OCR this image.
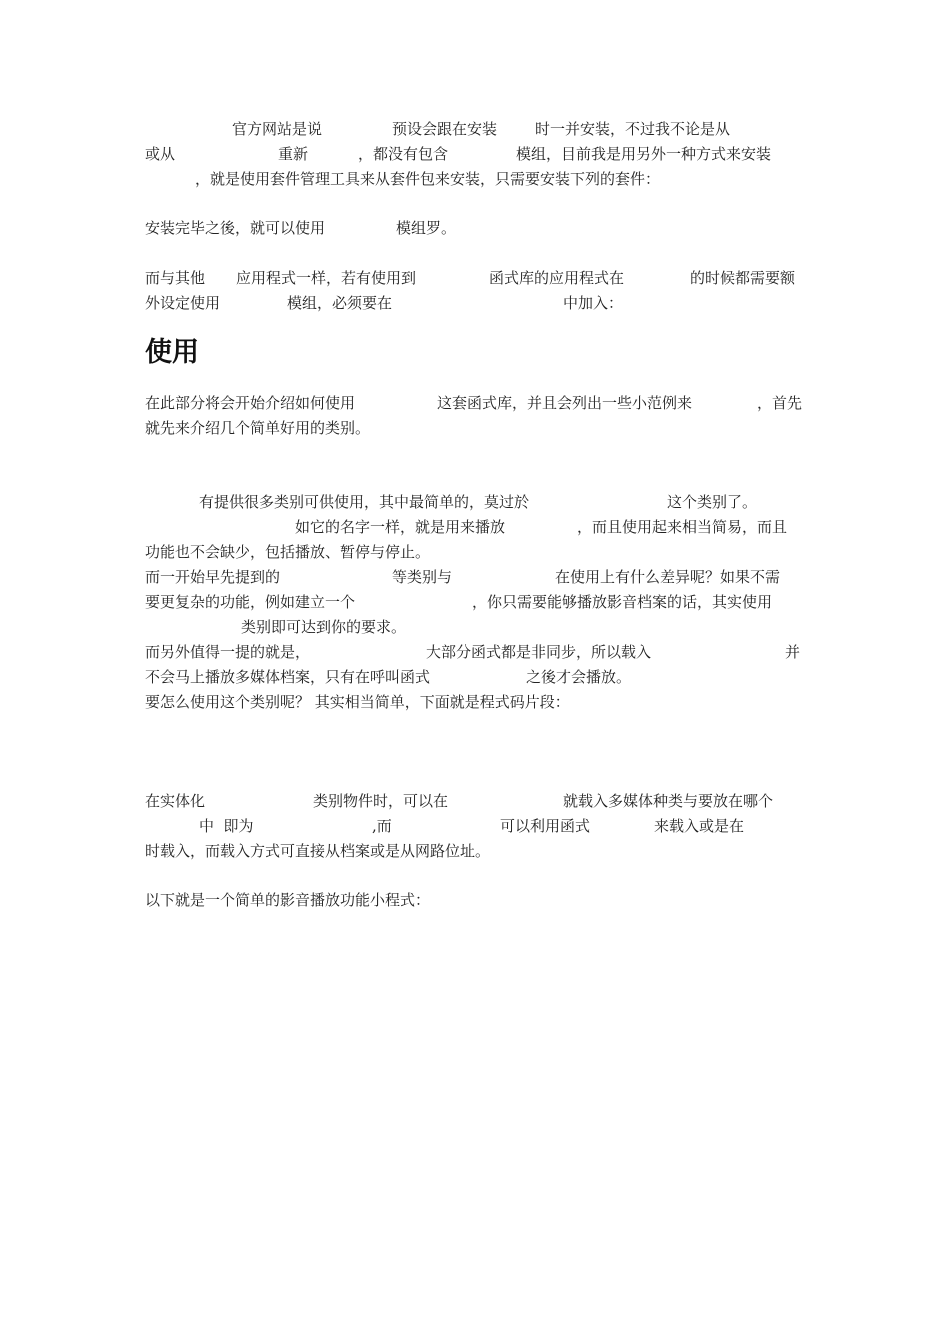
官方网站是说	预设会跟在安装	时一并安装，不过我不论是从

或从	重新	，都没有包含	模组，目前我是用另外一种方式来安装

，就是使用套件管理工具来从套件包来安装，只需要安装下列的套件：

安装完毕之後，就可以使用	模组罗。

而与其他 应用程式一样，若有使用到	函式库的应用程式在	的时候都需要额

外设定使用	模组，必须要在	中加入：

使用

在此部分将会开始介绍如何使用	这套函式库，并且会列出一些小范例来	，首先

就先来介绍几个简单好用的类别。

有提供很多类别可供使用，其中最简单的，莫过於	这个类别了。

如它的名字一样，就是用来播放	，而且使用起来相当简易，而且

功能也不会缺少，包括播放、暂停与停止。

而一开始早先提到的	等类别与	在使用上有什么差异呢？如果不需

要更复杂的功能，例如建立一个	，你只需要能够播放影音档案的话，其实使用

类别即可达到你的要求。

而另外值得一提的就是，	大部分函式都是非同步，所以载入	并

不会马上播放多媒体档案，只有在呼叫函式	之後才会播放。

要怎么使用这个类别呢？ 其实相当简单，下面就是程式码片段：

在实体化	类别物件时，可以在	就载入多媒体种类与要放在哪个

中  即为	,而	可以利用函式	来载入或是在

时载入，而载入方式可直接从档案或是从网路位址。

以下就是一个简单的影音播放功能小程式：
